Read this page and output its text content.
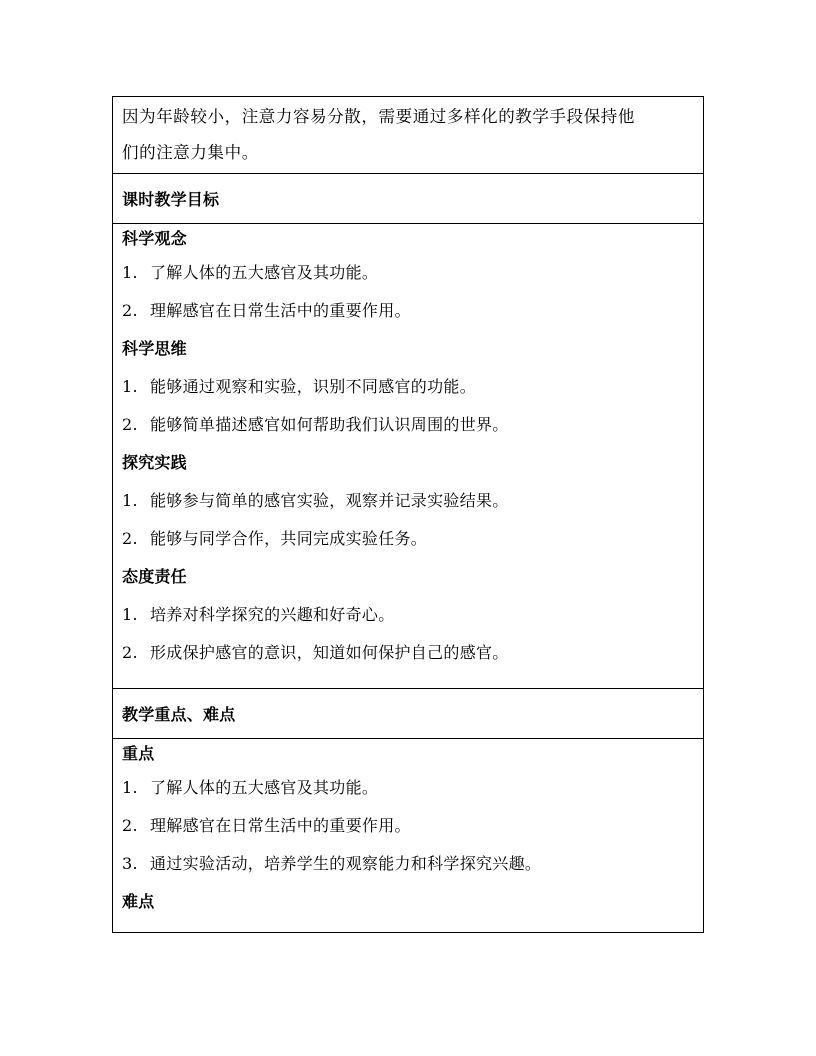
因为年龄较小，注意力容易分散，需要通过多样化的教学手段保持他
们的注意力集中。
课时教学目标
科学观念
1. 了解人体的五大感官及其功能。
2. 理解感官在日常生活中的重要作用。
科学思维
1. 能够通过观察和实验，识别不同感官的功能。
2. 能够简单描述感官如何帮助我们认识周围的世界。
探究实践
1. 能够参与简单的感官实验，观察并记录实验结果。
2. 能够与同学合作，共同完成实验任务。
态度责任
1. 培养对科学探究的兴趣和好奇心。
2. 形成保护感官的意识，知道如何保护自己的感官。
教学重点、难点
重点
1. 了解人体的五大感官及其功能。
2. 理解感官在日常生活中的重要作用。
3. 通过实验活动，培养学生的观察能力和科学探究兴趣。
难点
